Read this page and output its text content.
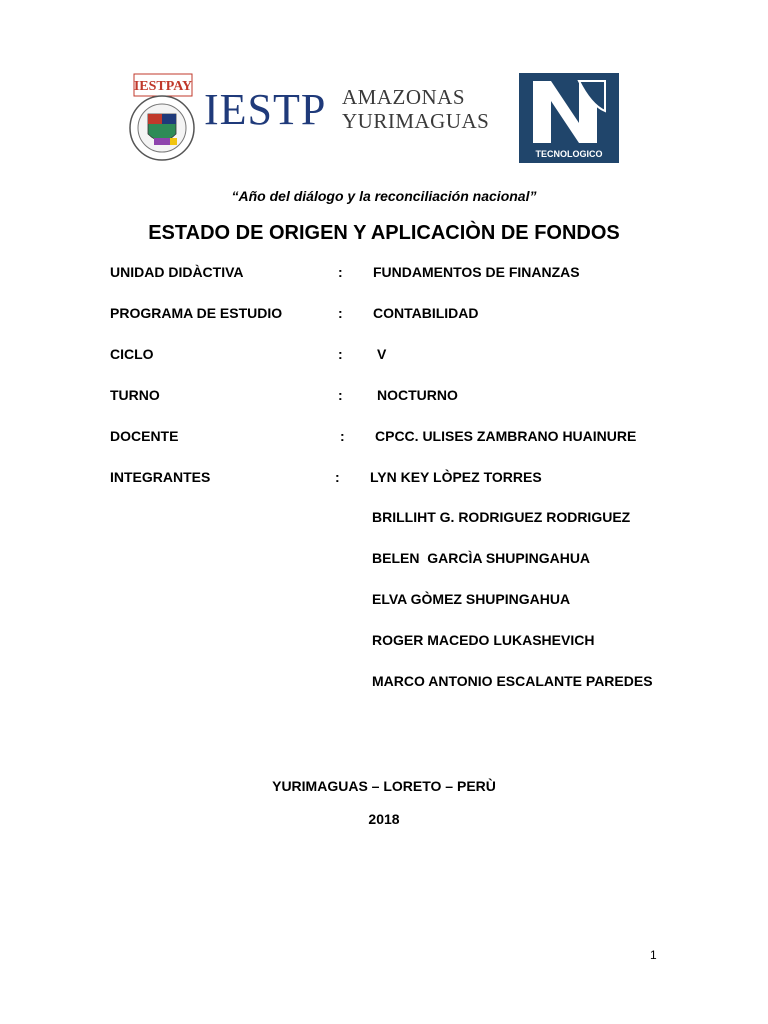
IESTPAY IESTP AMAZONAS
YURIMAGUAS
TECNOLOGICO
“Año del diálogo y la reconciliación nacional”
ESTADO DE ORIGEN Y APLICACIÒN DE FONDOS
UNIDAD DIDÀCTIVA	: FUNDAMENTOS DE FINANZAS
PROGRAMA DE ESTUDIO	: CONTABILIDAD
CICLO	: V
TURNO	: NOCTURNO
DOCENTE	: CPCC. ULISES ZAMBRANO HUAINURE
INTEGRANTES	: LYN KEY LÒPEZ TORRES
BRILLIHT G. RODRIGUEZ RODRIGUEZ
BELEN  GARCÌA SHUPINGAHUA
ELVA GÒMEZ SHUPINGAHUA
ROGER MACEDO LUKASHEVICH
MARCO ANTONIO ESCALANTE PAREDES
YURIMAGUAS – LORETO – PERÙ
2018
1
